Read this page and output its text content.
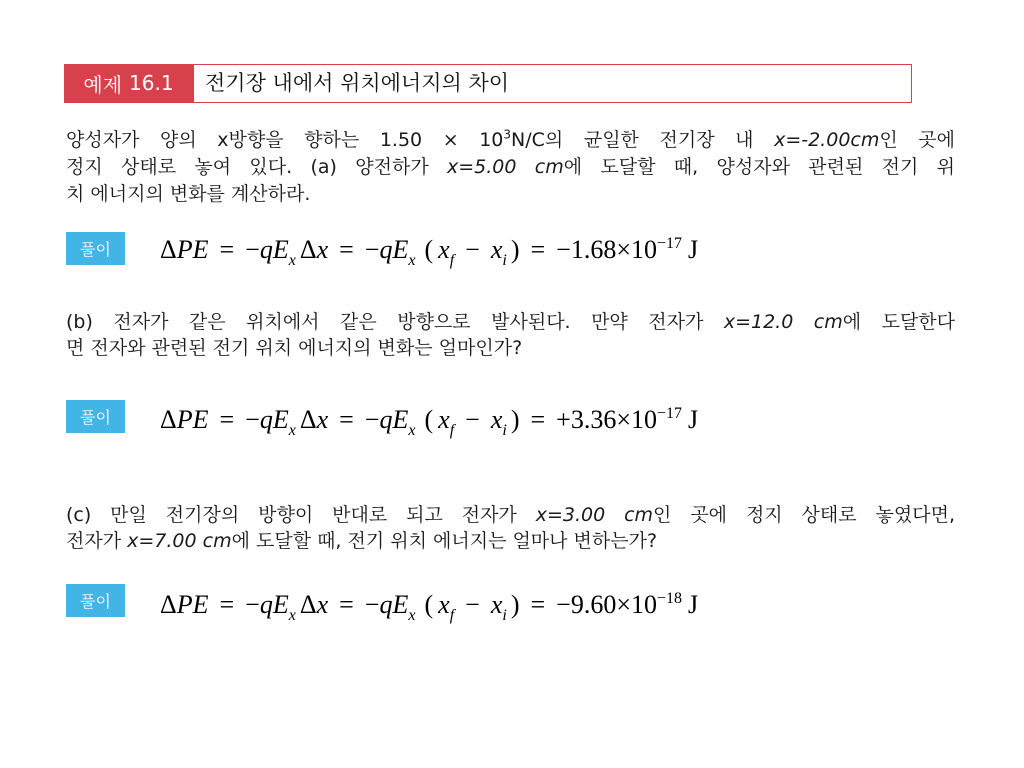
예제 16.1 전기장 내에서 위치에너지의 차이
양성자가 양의 x방향을 향하는 $1.50 \times 10^3N/C$의 균일한 전기장 내 x=-2.00cm인 곳에
정지 상태로 놓여 있다. (a) 양전하가 x=5.00 cm에 도달할 때, 양성자와 관련된 전기 위
치 에너지의 변화를 계산하라.
풀이	ΔPE = −qEx Δx = −qEx ( xf − xi ) = −1.68×10−17 J
(b) 전자가 같은 위치에서 같은 방향으로 발사된다. 만약 전자가 x=12.0 cm에 도달한다
면 전자와 관련된 전기 위치 에너지의 변화는 얼마인가?
풀이	ΔPE = −qEx Δx = −qEx ( xf − xi ) = +3.36×10−17 J
(c) 만일 전기장의 방향이 반대로 되고 전자가 x=3.00 cm인 곳에 정지 상태로 놓였다면,
전자가 x=7.00 cm에 도달할 때, 전기 위치 에너지는 얼마나 변하는가?
풀이	ΔPE = −qEx Δx = −qEx ( xf − xi ) = −9.60×10−18 J
